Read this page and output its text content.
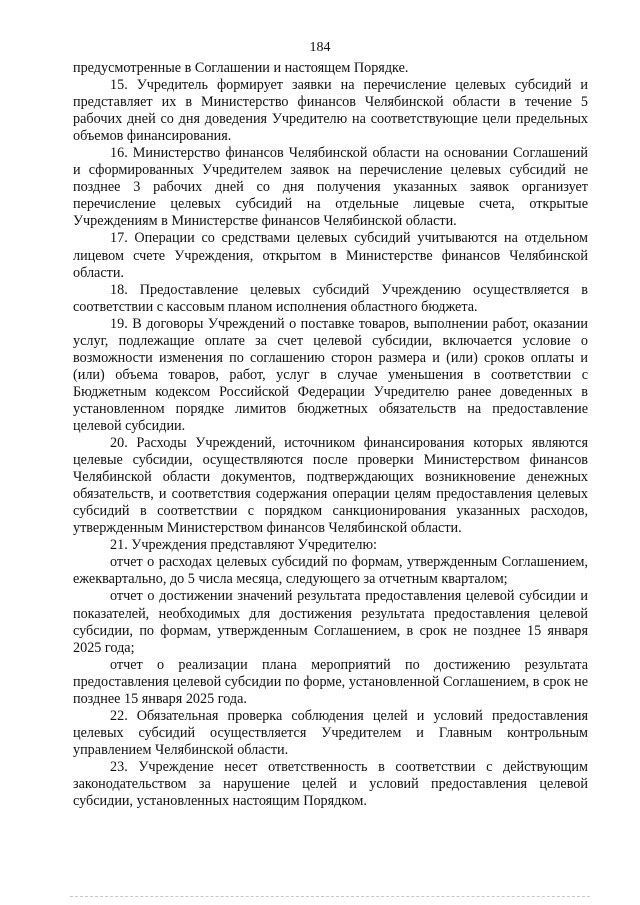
184

предусмотренные в Соглашении и настоящем Порядке.

15. Учредитель формирует заявки на перечисление целевых субсидий и представляет их в Министерство финансов Челябинской области в течение 5 рабочих дней со дня доведения Учредителю на соответствующие цели предельных объемов финансирования.

16. Министерство финансов Челябинской области на основании Соглашений и сформированных Учредителем заявок на перечисление целевых субсидий не позднее 3 рабочих дней со дня получения указанных заявок организует перечисление целевых субсидий на отдельные лицевые счета, открытые Учреждениям в Министерстве финансов Челябинской области.

17. Операции со средствами целевых субсидий учитываются на отдельном лицевом счете Учреждения, открытом в Министерстве финансов Челябинской области.

18. Предоставление целевых субсидий Учреждению осуществляется в соответствии с кассовым планом исполнения областного бюджета.

19. В договоры Учреждений о поставке товаров, выполнении работ, оказании услуг, подлежащие оплате за счет целевой субсидии, включается условие о возможности изменения по соглашению сторон размера и (или) сроков оплаты и (или) объема товаров, работ, услуг в случае уменьшения в соответствии с Бюджетным кодексом Российской Федерации Учредителю ранее доведенных в установленном порядке лимитов бюджетных обязательств на предоставление целевой субсидии.

20. Расходы Учреждений, источником финансирования которых являются целевые субсидии, осуществляются после проверки Министерством финансов Челябинской области документов, подтверждающих возникновение денежных обязательств, и соответствия содержания операции целям предоставления целевых субсидий в соответствии с порядком санкционирования указанных расходов, утвержденным Министерством финансов Челябинской области.

21. Учреждения представляют Учредителю:

отчет о расходах целевых субсидий по формам, утвержденным Соглашением, ежеквартально, до 5 числа месяца, следующего за отчетным кварталом;

отчет о достижении значений результата предоставления целевой субсидии и показателей, необходимых для достижения результата предоставления целевой субсидии, по формам, утвержденным Соглашением, в срок не позднее 15 января 2025 года;

отчет о реализации плана мероприятий по достижению результата предоставления целевой субсидии по форме, установленной Соглашением, в срок не позднее 15 января 2025 года.

22. Обязательная проверка соблюдения целей и условий предоставления целевых субсидий осуществляется Учредителем и Главным контрольным управлением Челябинской области.

23. Учреждение несет ответственность в соответствии с действующим законодательством за нарушение целей и условий предоставления целевой субсидии, установленных настоящим Порядком.
